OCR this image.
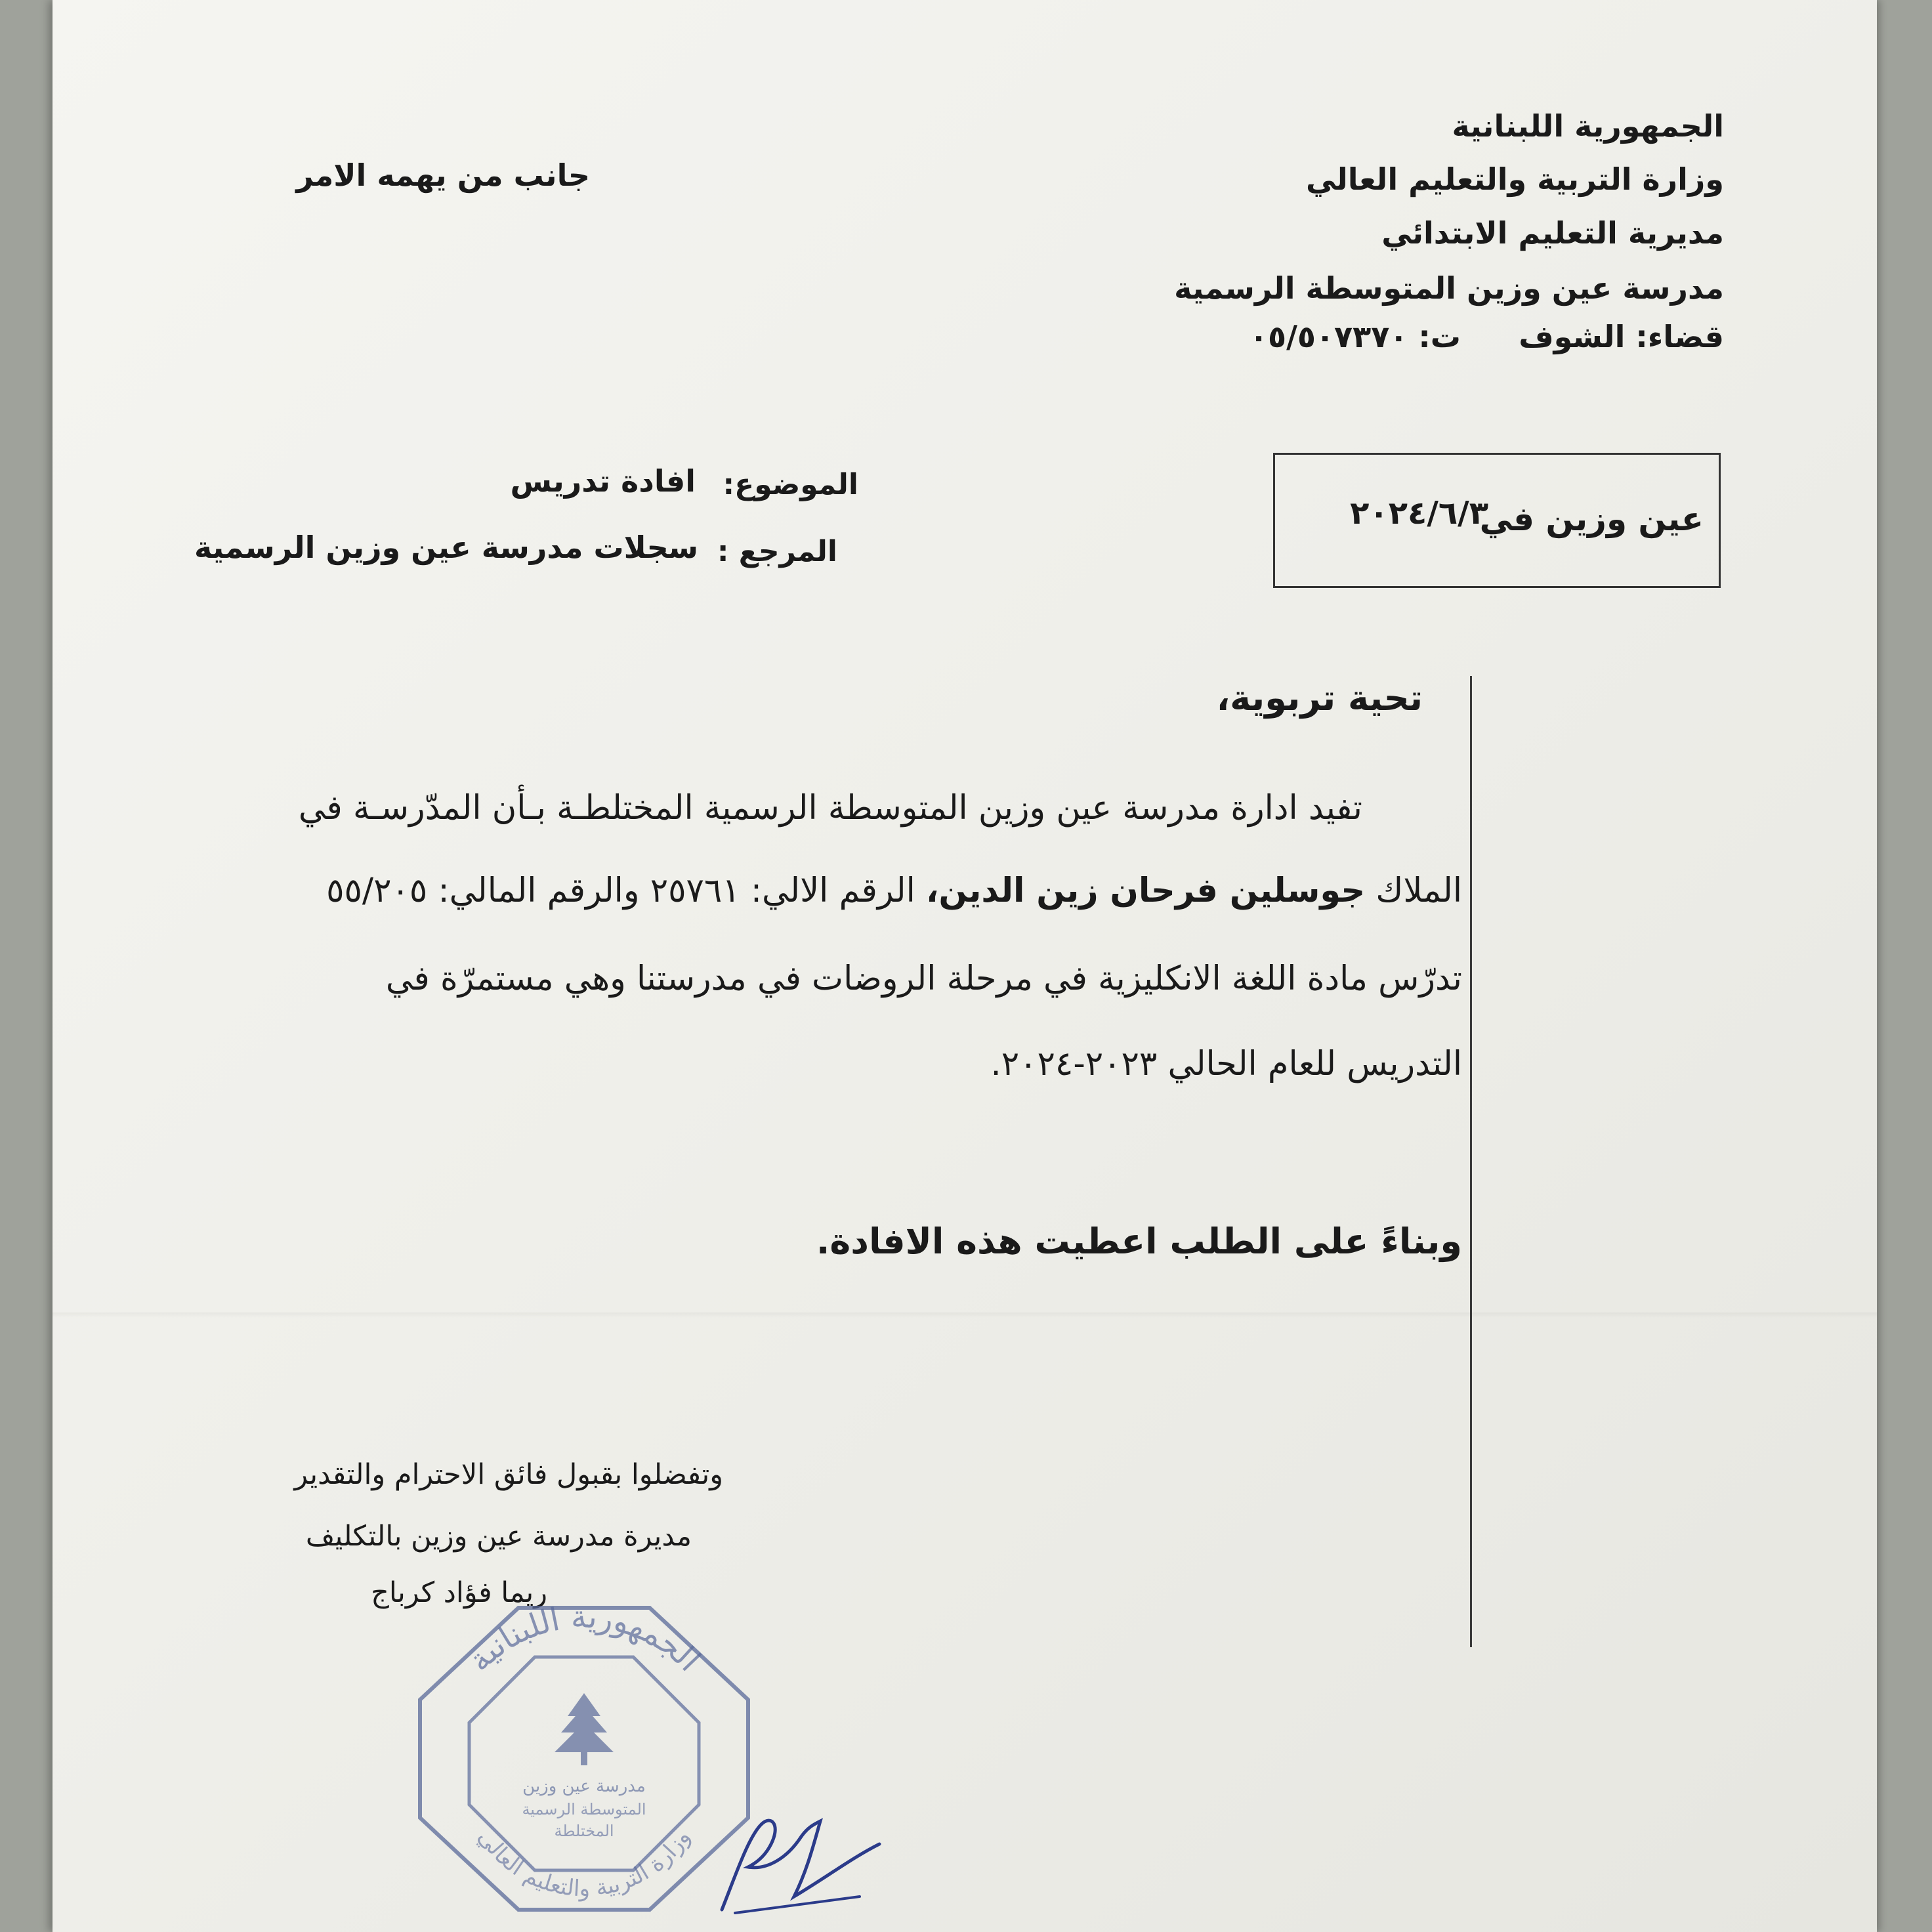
الجمهورية اللبنانية
وزارة التربية والتعليم العالي
مديرية التعليم الابتدائي
مدرسة عين وزين المتوسطة الرسمية
قضاء: الشوف
ت: ٠٥/٥٠٧٣٧٠
جانب من يهمه الامر
عين وزين في
٢٠٢٤/٦/٣
الموضوع:
افادة تدريس
المرجع :
سجلات مدرسة عين وزين الرسمية
تحية تربوية،
تفيد ادارة مدرسة عين وزين المتوسطة الرسمية المختلطـة بـأن المدّرسـة في
الملاك جوسلين فرحان زين الدين، الرقم الالي: ٢٥٧٦١ والرقم المالي: ٥٥/٢٠٥
تدرّس مادة اللغة الانكليزية في مرحلة الروضات في مدرستنا وهي مستمرّة في
التدريس للعام الحالي ٢٠٢٣-٢٠٢٤.
وبناءً على الطلب اعطيت هذه الافادة.
وتفضلوا بقبول فائق الاحترام والتقدير
مديرة مدرسة عين وزين بالتكليف
ريما فؤاد كرباج
الجمهورية اللبنانية
وزارة التربية والتعليم العالي
مدرسة عين وزين
المتوسطة الرسمية
المختلطة
